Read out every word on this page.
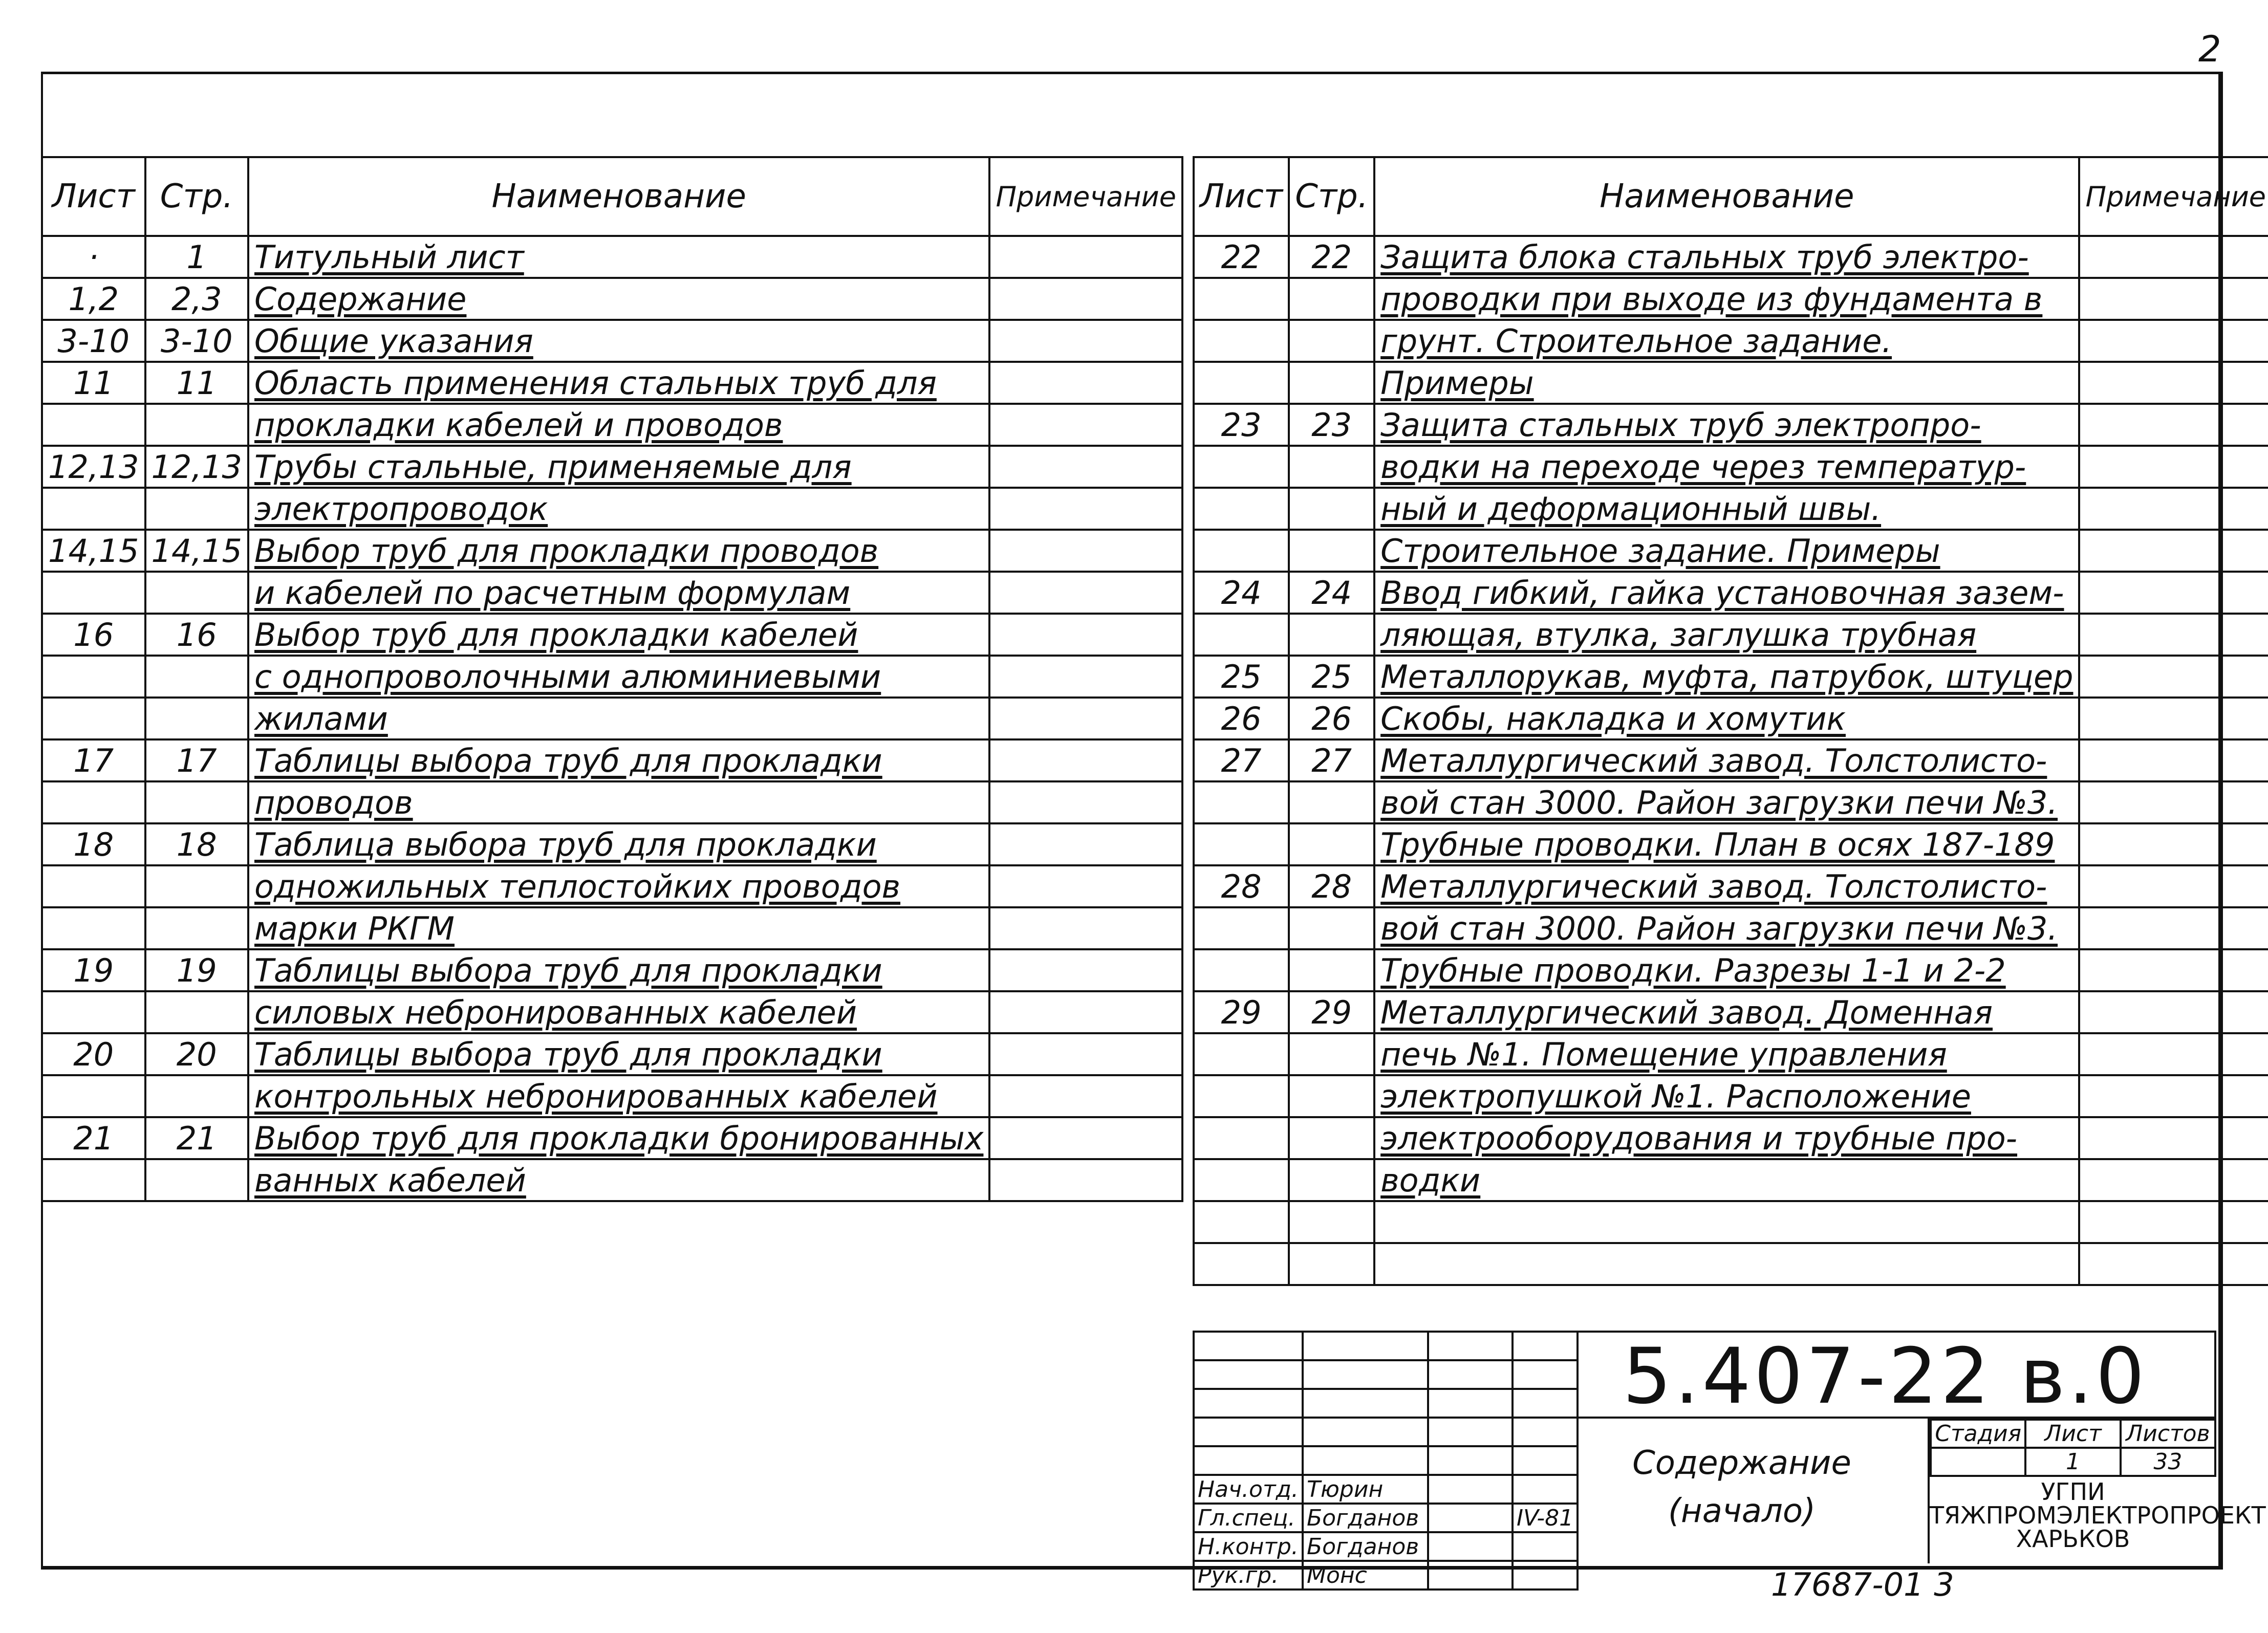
2
Лист	Стр.	Наименование	Примечание
·	1	Титульный лист	
1,2	2,3	Содержание	
3-10	3-10	Общие указания	
11	11	Область применения стальных труб для	
		прокладки кабелей и проводов	
12,13	12,13	Трубы стальные, применяемые для	
		электропроводок	
14,15	14,15	Выбор труб для прокладки проводов	
		и кабелей по расчетным формулам	
16	16	Выбор труб для прокладки кабелей	
		с однопроволочными алюминиевыми	
		жилами	
17	17	Таблицы выбора труб для прокладки	
		проводов	
18	18	Таблица выбора труб для прокладки	
		одножильных теплостойких проводов	
		марки РКГМ	
19	19	Таблицы выбора труб для прокладки	
		силовых небронированных кабелей	
20	20	Таблицы выбора труб для прокладки	
		контрольных небронированных кабелей	
21	21	Выбор труб для прокладки бронированных	
		ванных кабелей	
Лист	Стр.	Наименование	Примечание
22	22	Защита блока стальных труб электро-	
		проводки при выходе из фундамента в	
		грунт. Строительное задание.	
		Примеры	
23	23	Защита стальных труб электропро-	
		водки на переходе через температур-	
		ный и деформационный швы.	
		Строительное задание. Примеры	
24	24	Ввод гибкий, гайка установочная зазем-	
		ляющая, втулка, заглушка трубная	
25	25	Металлорукав, муфта, патрубок, штуцер	
26	26	Скобы, накладка и хомутик	
27	27	Металлургический завод. Толстолисто-	
		вой стан 3000. Район загрузки печи №3.	
		Трубные проводки. План в осях 187-189	
28	28	Металлургический завод. Толстолисто-	
		вой стан 3000. Район загрузки печи №3.	
		Трубные проводки. Разрезы 1-1 и 2-2	
29	29	Металлургический завод. Доменная	
		печь №1. Помещение управления	
		электропушкой №1. Расположение	
		электрооборудования и трубные про-	
		водки	

Нач.отд.	Тюрин		
Гл.спец.	Богданов		IV-81
Н.контр.	Богданов		
Рук.гр.	Монс		
5.407-22 в.0
Содержание
(начало)
Стадия	Лист	Листов
	1	33
УГПИ
ТЯЖПРОМЭЛЕКТРОПРОЕКТ
ХАРЬКОВ
17687-01 3
